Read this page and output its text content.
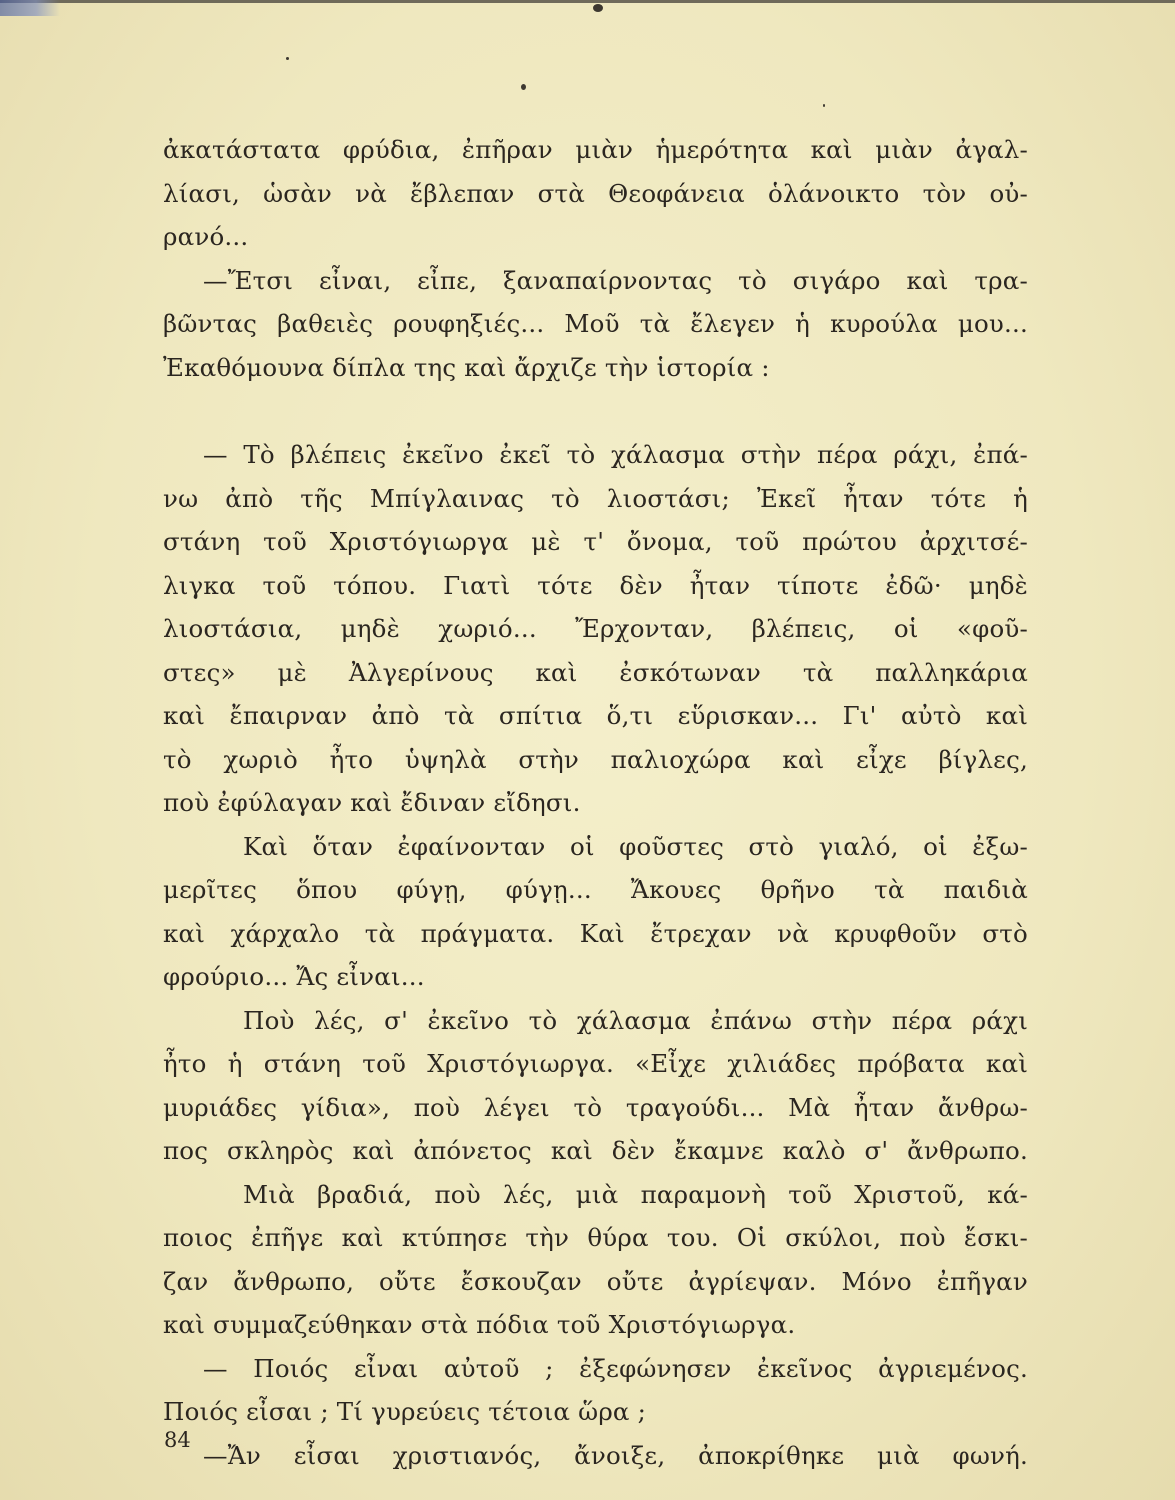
ἀκατάστατα φρύδια, ἐπῆραν μιὰν ἡμερότητα καὶ μιὰν ἀγαλ-
λίασι, ὡσὰν νὰ ἔβλεπαν στὰ Θεοφάνεια ὁλάνοικτο τὸν οὐ-
ρανό...
—Ἔτσι εἶναι, εἶπε, ξαναπαίρνοντας τὸ σιγάρο καὶ τρα-
βῶντας βαθειὲς ρουφηξιές... Μοῦ τὰ ἔλεγεν ἡ κυρούλα μου...
Ἐκαθόμουνα δίπλα της καὶ ἄρχιζε τὴν ἱστορία :
— Τὸ βλέπεις ἐκεῖνο ἐκεῖ τὸ χάλασμα στὴν πέρα ράχι, ἐπά-
νω ἀπὸ τῆς Μπίγλαινας τὸ λιοστάσι; Ἐκεῖ ἦταν τότε ἡ
στάνη τοῦ Χριστόγιωργα μὲ τ' ὄνομα, τοῦ πρώτου ἀρχιτσέ-
λιγκα τοῦ τόπου. Γιατὶ τότε δὲν ἦταν τίποτε ἐδῶ· μηδὲ
λιοστάσια, μηδὲ χωριό... Ἔρχονταν, βλέπεις, οἱ «φοῦ-
στες» μὲ Ἀλγερίνους καὶ ἐσκότωναν τὰ παλληκάρια
καὶ ἔπαιρναν ἀπὸ τὰ σπίτια ὅ,τι εὕρισκαν... Γι' αὐτὸ καὶ
τὸ χωριὸ ἦτο ὑψηλὰ στὴν παλιοχώρα καὶ εἶχε βίγλες,
ποὺ ἐφύλαγαν καὶ ἔδιναν εἴδησι.
Καὶ ὅταν ἐφαίνονταν οἱ φοῦστες στὸ γιαλό, οἱ ἐξω-
μερῖτες ὅπου φύγῃ, φύγῃ... Ἄκουες θρῆνο τὰ παιδιὰ
καὶ χάρχαλο τὰ πράγματα. Καὶ ἔτρεχαν νὰ κρυφθοῦν στὸ
φρούριο... Ἄς εἶναι...
Ποὺ λές, σ' ἐκεῖνο τὸ χάλασμα ἐπάνω στὴν πέρα ράχι
ἦτο ἡ στάνη τοῦ Χριστόγιωργα. «Εἶχε χιλιάδες πρόβατα καὶ
μυριάδες γίδια», ποὺ λέγει τὸ τραγούδι... Μὰ ἦταν ἄνθρω-
πος σκληρὸς καὶ ἀπόνετος καὶ δὲν ἔκαμνε καλὸ σ' ἄνθρωπο.
Μιὰ βραδιά, ποὺ λές, μιὰ παραμονὴ τοῦ Χριστοῦ, κά-
ποιος ἐπῆγε καὶ κτύπησε τὴν θύρα του. Οἱ σκύλοι, ποὺ ἔσκι-
ζαν ἄνθρωπο, οὔτε ἔσκουζαν οὔτε ἀγρίεψαν. Μόνο ἐπῆγαν
καὶ συμμαζεύθηκαν στὰ πόδια τοῦ Χριστόγιωργα.
— Ποιός εἶναι αὐτοῦ ; ἐξεφώνησεν ἐκεῖνος ἀγριεμένος.
Ποιός εἶσαι ; Τί γυρεύεις τέτοια ὥρα ;
—Ἄν εἶσαι χριστιανός, ἄνοιξε, ἀποκρίθηκε μιὰ φωνή.
84
